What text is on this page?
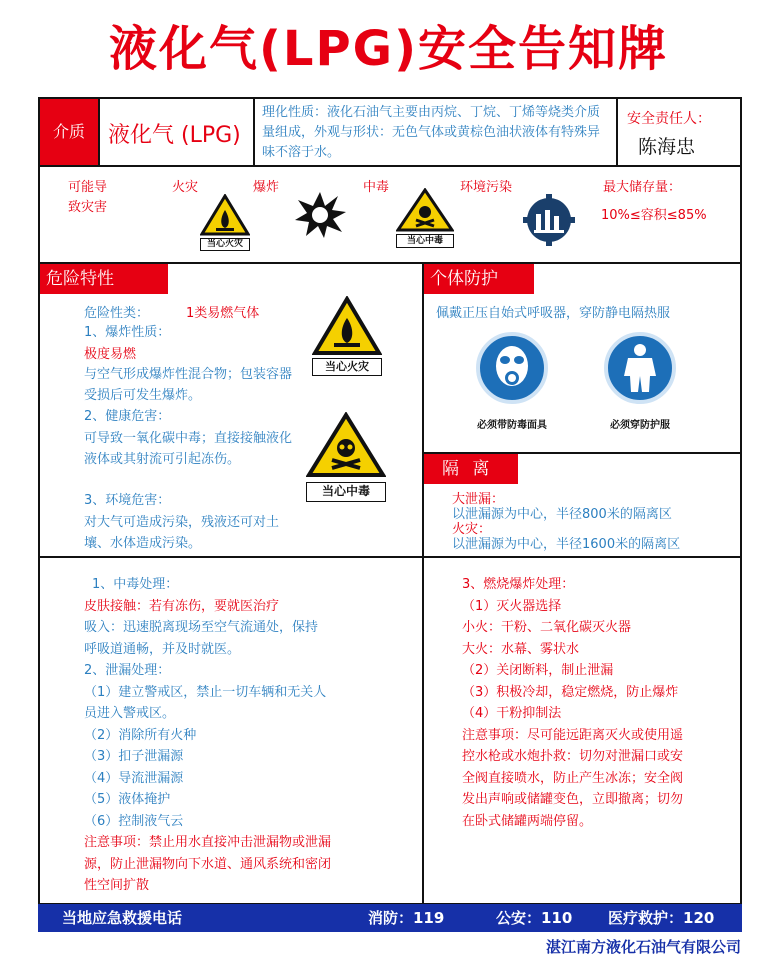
液化气(LPG)安全告知牌
介质 液化气 (LPG)
理化性质：液化石油气主要由丙烷、丁烷、丁烯等烧类介质量组成，外观与形状：无色气体或黄棕色油状液体有特殊异味不溶于水。
安全责任人：
陈海忠
可能导
致灾害
火灾	爆炸	中毒	环境污染	最大储存量：
10%≤容积≤85%
当心火灾	当心中毒
危险特性
危险性类：	1类易燃气体
1、爆炸性质：
极度易燃
与空气形成爆炸性混合物；包装容器受损后可发生爆炸。
2、健康危害：
可导致一氧化碳中毒；直接接触液化液体或其射流可引起冻伤。
3、环境危害：
对大气可造成污染，残液还可对土壤、水体造成污染。
当心火灾
当心中毒
个体防护
佩戴正压自始式呼吸器，穿防静电隔热服
必须带防毒面具	必须穿防护服
隔 离
大泄漏：
以泄漏源为中心，半径800米的隔离区
火灾：
以泄漏源为中心，半径1600米的隔离区
1、中毒处理：
皮肤接触：若有冻伤，要就医治疗
吸入：迅速脱离现场至空气流通处，保持
呼吸道通畅，并及时就医。
2、泄漏处理：
（1）建立警戒区，禁止一切车辆和无关人
员进入警戒区。
（2）消除所有火种
（3）扣子泄漏源
（4）导流泄漏源
（5）液体掩护
（6）控制液气云
注意事项：禁止用水直接冲击泄漏物或泄漏
源，防止泄漏物向下水道、通风系统和密闭
性空间扩散
3、燃烧爆炸处理：
（1）灭火器选择
小火：干粉、二氧化碳灭火器
大火：水幕、雾状水
（2）关闭断料，制止泄漏
（3）积极冷却，稳定燃烧，防止爆炸
（4）干粉抑制法
注意事项：尽可能远距离灭火或使用遥
控水枪或水炮扑救：切勿对泄漏口或安
全阀直接喷水，防止产生冰冻；安全阀
发出声响或储罐变色，立即撤离；切勿
在卧式储罐两端停留。
当地应急救援电话	消防：119	公安：110 医疗救护：120
湛江南方液化石油气有限公司
